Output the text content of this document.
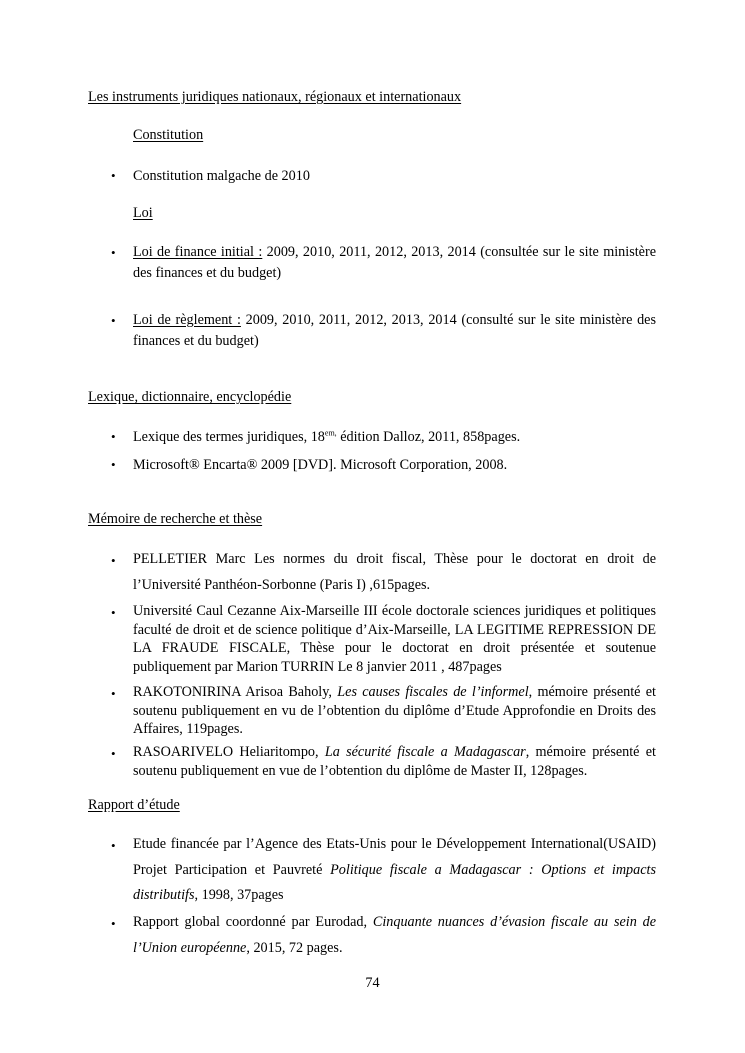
Les instruments juridiques nationaux, régionaux et internationaux
Constitution
• Constitution malgache de 2010
Loi
• Loi de finance initial : 2009, 2010, 2011, 2012, 2013, 2014 (consultée sur le site ministère des finances et du budget)
• Loi de règlement : 2009, 2010, 2011, 2012, 2013, 2014 (consulté sur le site ministère des finances et du budget)
Lexique, dictionnaire, encyclopédie
• Lexique des termes juridiques, $18^{em,}$ édition Dalloz, 2011, 858pages.
• Microsoft® Encarta® 2009 [DVD]. Microsoft Corporation, 2008.
Mémoire de recherche et thèse
• PELLETIER Marc Les normes du droit fiscal, Thèse pour le doctorat en droit de l’Université Panthéon-Sorbonne (Paris I) ,615pages.
• Université Caul Cezanne Aix-Marseille III école doctorale sciences juridiques et politiques faculté de droit et de science politique d’Aix-Marseille, LA LEGITIME REPRESSION DE LA FRAUDE FISCALE, Thèse pour le doctorat en droit présentée et soutenue publiquement par Marion TURRIN Le 8 janvier 2011 , 487pages
• RAKOTONIRINA Arisoa Baholy, Les causes fiscales de l’informel, mémoire présenté et soutenu publiquement en vu de l’obtention du diplôme d’Etude Approfondie en Droits des Affaires, 119pages.
• RASOARIVELO Heliaritompo, La sécurité fiscale a Madagascar, mémoire présenté et soutenu publiquement en vue de l’obtention du diplôme de Master II, 128pages.
Rapport d’étude
• Etude financée par l’Agence des Etats-Unis pour le Développement International(USAID) Projet Participation et Pauvreté Politique fiscale a Madagascar : Options et impacts distributifs, 1998, 37pages
• Rapport global coordonné par Eurodad, Cinquante nuances d’évasion fiscale au sein de l’Union européenne, 2015, 72 pages.
74
